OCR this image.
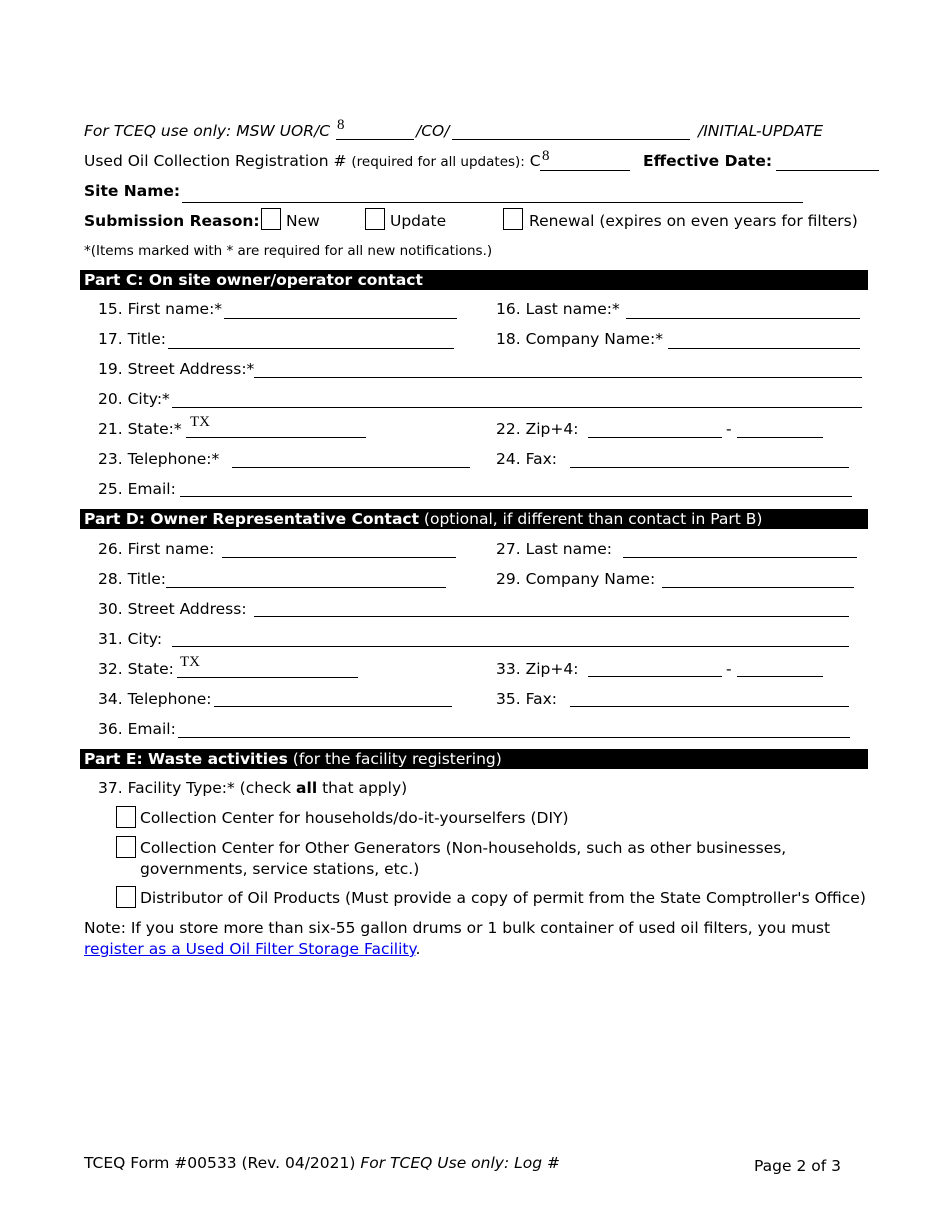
For TCEQ use only: MSW UOR/C 8	/CO/	/INITIAL-UPDATE
Used Oil Collection Registration # (required for all updates): C 8	Effective Date:
Site Name:
Submission Reason: New	Update	Renewal (expires on even years for filters)
*(Items marked with * are required for all new notifications.)
Part C: On site owner/operator contact
15. First name:*	16. Last name:*
17. Title:	18. Company Name:*
19. Street Address:*
20. City:*
21. State:* TX	22. Zip+4:	-
23. Telephone:*	24. Fax:
25. Email:
Part D: Owner Representative Contact (optional, if different than contact in Part B)
26. First name:	27. Last name:
28. Title:	29. Company Name:
30. Street Address:
31. City:
32. State: TX	33. Zip+4:	-
34. Telephone:	35. Fax:
36. Email:
Part E: Waste activities (for the facility registering)
37. Facility Type:* (check all that apply)
Collection Center for households/do-it-yourselfers (DIY)
Collection Center for Other Generators (Non-households, such as other businesses,
governments, service stations, etc.)
Distributor of Oil Products (Must provide a copy of permit from the State Comptroller's Office)
Note: If you store more than six-55 gallon drums or 1 bulk container of used oil filters, you must
register as a Used Oil Filter Storage Facility.
TCEQ Form #00533 (Rev. 04/2021) For TCEQ Use only: Log #	Page 2 of 3
